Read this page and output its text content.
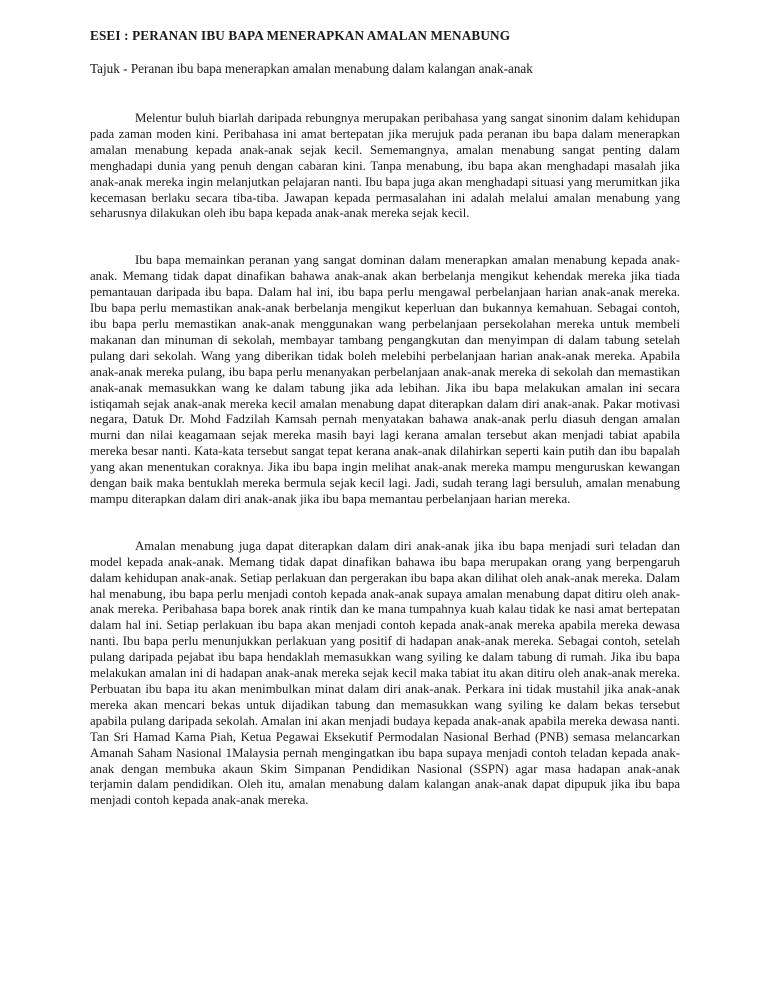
ESEI : PERANAN IBU BAPA MENERAPKAN AMALAN MENABUNG

Tajuk - Peranan ibu bapa menerapkan amalan menabung dalam kalangan anak-anak

Melentur buluh biarlah daripada rebungnya merupakan peribahasa yang sangat sinonim dalam kehidupan pada zaman moden kini. Peribahasa ini amat bertepatan jika merujuk pada peranan ibu bapa dalam menerapkan amalan menabung kepada anak-anak sejak kecil. Sememangnya, amalan menabung sangat penting dalam menghadapi dunia yang penuh dengan cabaran kini. Tanpa menabung, ibu bapa akan menghadapi masalah jika anak-anak mereka ingin melanjutkan pelajaran nanti. Ibu bapa juga akan menghadapi situasi yang merumitkan jika kecemasan berlaku secara tiba-tiba. Jawapan kepada permasalahan ini adalah melalui amalan menabung yang seharusnya dilakukan oleh ibu bapa kepada anak-anak mereka sejak kecil.

Ibu bapa memainkan peranan yang sangat dominan dalam menerapkan amalan menabung kepada anak-anak. Memang tidak dapat dinafikan bahawa anak-anak akan berbelanja mengikut kehendak mereka jika tiada pemantauan daripada ibu bapa. Dalam hal ini, ibu bapa perlu mengawal perbelanjaan harian anak-anak mereka. Ibu bapa perlu memastikan anak-anak berbelanja mengikut keperluan dan bukannya kemahuan. Sebagai contoh, ibu bapa perlu memastikan anak-anak menggunakan wang perbelanjaan persekolahan mereka untuk membeli makanan dan minuman di sekolah, membayar tambang pengangkutan dan menyimpan di dalam tabung setelah pulang dari sekolah. Wang yang diberikan tidak boleh melebihi perbelanjaan harian anak-anak mereka. Apabila anak-anak mereka pulang, ibu bapa perlu menanyakan perbelanjaan anak-anak mereka di sekolah dan memastikan anak-anak memasukkan wang ke dalam tabung jika ada lebihan. Jika ibu bapa melakukan amalan ini secara istiqamah sejak anak-anak mereka kecil amalan menabung dapat diterapkan dalam diri anak-anak. Pakar motivasi negara, Datuk Dr. Mohd Fadzilah Kamsah pernah menyatakan bahawa anak-anak perlu diasuh dengan amalan murni dan nilai keagamaan sejak mereka masih bayi lagi kerana amalan tersebut akan menjadi tabiat apabila mereka besar nanti. Kata-kata tersebut sangat tepat kerana anak-anak dilahirkan seperti kain putih dan ibu bapalah yang akan menentukan coraknya. Jika ibu bapa ingin melihat anak-anak mereka mampu menguruskan kewangan dengan baik maka bentuklah mereka bermula sejak kecil lagi. Jadi, sudah terang lagi bersuluh, amalan menabung mampu diterapkan dalam diri anak-anak jika ibu bapa memantau perbelanjaan harian mereka.

Amalan menabung juga dapat diterapkan dalam diri anak-anak jika ibu bapa menjadi suri teladan dan model kepada anak-anak. Memang tidak dapat dinafikan bahawa ibu bapa merupakan orang yang berpengaruh dalam kehidupan anak-anak. Setiap perlakuan dan pergerakan ibu bapa akan dilihat oleh anak-anak mereka. Dalam hal menabung, ibu bapa perlu menjadi contoh kepada anak-anak supaya amalan menabung dapat ditiru oleh anak-anak mereka. Peribahasa bapa borek anak rintik dan ke mana tumpahnya kuah kalau tidak ke nasi amat bertepatan dalam hal ini. Setiap perlakuan ibu bapa akan menjadi contoh kepada anak-anak mereka apabila mereka dewasa nanti. Ibu bapa perlu menunjukkan perlakuan yang positif di hadapan anak-anak mereka. Sebagai contoh, setelah pulang daripada pejabat ibu bapa hendaklah memasukkan wang syiling ke dalam tabung di rumah. Jika ibu bapa melakukan amalan ini di hadapan anak-anak mereka sejak kecil maka tabiat itu akan ditiru oleh anak-anak mereka. Perbuatan ibu bapa itu akan menimbulkan minat dalam diri anak-anak. Perkara ini tidak mustahil jika anak-anak mereka akan mencari bekas untuk dijadikan tabung dan memasukkan wang syiling ke dalam bekas tersebut apabila pulang daripada sekolah. Amalan ini akan menjadi budaya kepada anak-anak apabila mereka dewasa nanti. Tan Sri Hamad Kama Piah, Ketua Pegawai Eksekutif Permodalan Nasional Berhad (PNB) semasa melancarkan Amanah Saham Nasional 1Malaysia pernah mengingatkan ibu bapa supaya menjadi contoh teladan kepada anak-anak dengan membuka akaun Skim Simpanan Pendidikan Nasional (SSPN) agar masa hadapan anak-anak terjamin dalam pendidikan. Oleh itu, amalan menabung dalam kalangan anak-anak dapat dipupuk jika ibu bapa menjadi contoh kepada anak-anak mereka.
